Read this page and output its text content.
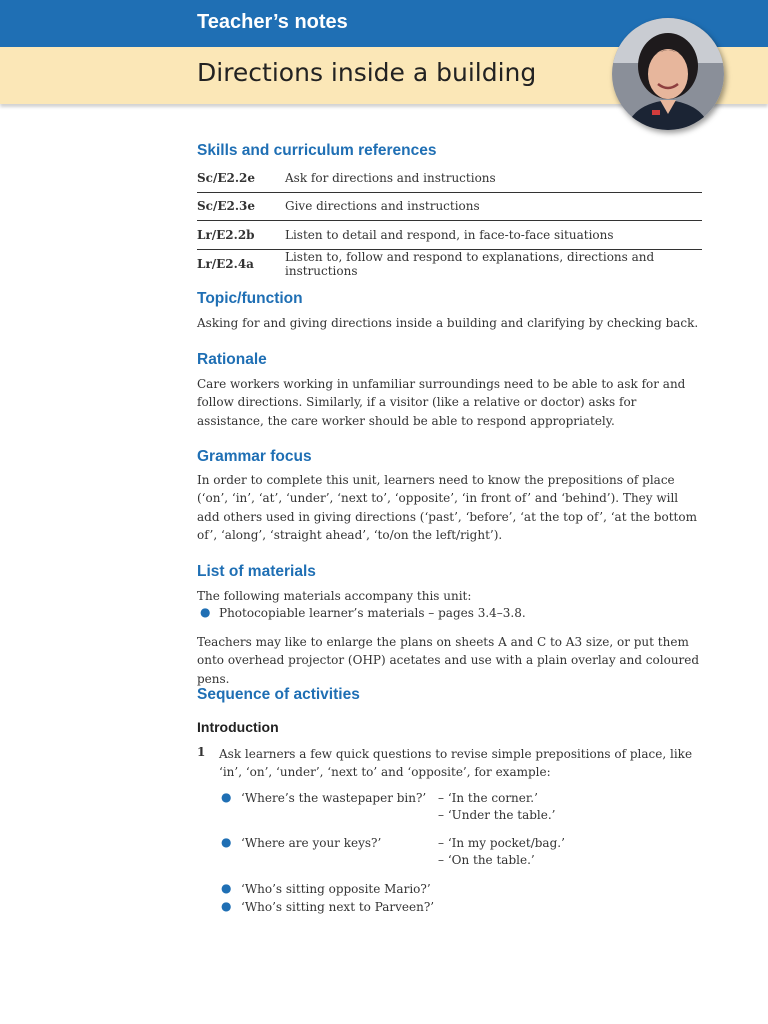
Teacher’s notes
Directions inside a building
Skills and curriculum references
Sc/E2.2e	Ask for directions and instructions
Sc/E2.3e	Give directions and instructions
Lr/E2.2b	Listen to detail and respond, in face-to-face situations
Lr/E2.4a	Listen to, follow and respond to explanations, directions and instructions
Topic/function
Asking for and giving directions inside a building and clarifying by checking back.
Rationale
Care workers working in unfamiliar surroundings need to be able to ask for and follow directions. Similarly, if a visitor (like a relative or doctor) asks for assistance, the care worker should be able to respond appropriately.
Grammar focus
In order to complete this unit, learners need to know the prepositions of place (‘on’, ‘in’, ‘at’, ‘under’, ‘next to’, ‘opposite’, ‘in front of’ and ‘behind’). They will add others used in giving directions (‘past’, ‘before’, ‘at the top of’, ‘at the bottom of’, ‘along’, ‘straight ahead’, ‘to/on the left/right’).
List of materials
The following materials accompany this unit:
● Photocopiable learner’s materials – pages 3.4–3.8.
Teachers may like to enlarge the plans on sheets A and C to A3 size, or put them onto overhead projector (OHP) acetates and use with a plain overlay and coloured pens.
Sequence of activities
Introduction
1 Ask learners a few quick questions to revise simple prepositions of place, like ‘in’, ‘on’, ‘under’, ‘next to’ and ‘opposite’, for example:
● ‘Where’s the wastepaper bin?’ – ‘In the corner.’
– ‘Under the table.’
● ‘Where are your keys?’	– ‘In my pocket/bag.’
– ‘On the table.’
● ‘Who’s sitting opposite Mario?’
● ‘Who’s sitting next to Parveen?’
